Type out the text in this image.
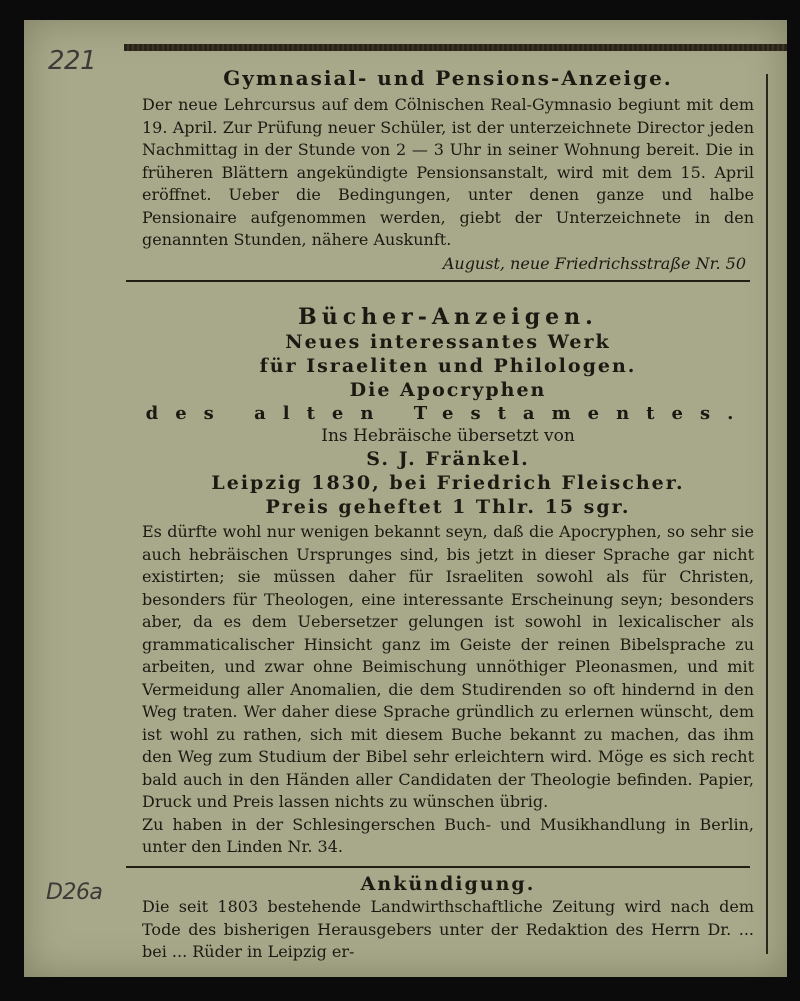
221
D26a
Gymnasial- und Pensions-Anzeige.

Der neue Lehrcursus auf dem Cölnischen Real-Gymnasio begiunt mit dem 19. April. Zur Prüfung neuer Schüler, ist der unterzeichnete Director jeden Nachmittag in der Stunde von 2 — 3 Uhr in seiner Wohnung bereit. Die in früheren Blättern angekündigte Pensionsanstalt, wird mit dem 15. April eröffnet. Ueber die Bedingungen, unter denen ganze und halbe Pensionaire aufgenommen werden, giebt der Unterzeichnete in den genannten Stunden, nähere Auskunft.

August, neue Friedrichsstraße Nr. 50

Bücher-Anzeigen.

Neues interessantes Werk

für Israeliten und Philologen.

Die Apocryphen

des alten Testamentes.

Ins Hebräische übersetzt von

S. J. Fränkel.

Leipzig 1830, bei Friedrich Fleischer.

Preis geheftet 1 Thlr. 15 sgr.

Es dürfte wohl nur wenigen bekannt seyn, daß die Apocryphen, so sehr sie auch hebräischen Ursprunges sind, bis jetzt in dieser Sprache gar nicht existirten; sie müssen daher für Israeliten sowohl als für Christen, besonders für Theologen, eine interessante Erscheinung seyn; besonders aber, da es dem Uebersetzer gelungen ist sowohl in lexicalischer als grammaticalischer Hinsicht ganz im Geiste der reinen Bibelsprache zu arbeiten, und zwar ohne Beimischung unnöthiger Pleonasmen, und mit Vermeidung aller Anomalien, die dem Studirenden so oft hindernd in den Weg traten. Wer daher diese Sprache gründlich zu erlernen wünscht, dem ist wohl zu rathen, sich mit diesem Buche bekannt zu machen, das ihm den Weg zum Studium der Bibel sehr erleichtern wird. Möge es sich recht bald auch in den Händen aller Candidaten der Theologie befinden. Papier, Druck und Preis lassen nichts zu wünschen übrig.

Zu haben in der Schlesingerschen Buch- und Musikhandlung in Berlin, unter den Linden Nr. 34.

Ankündigung.

Die seit 1803 bestehende Landwirthschaftliche Zeitung wird nach dem Tode des bisherigen Herausgebers unter der Redaktion des Herrn Dr. ... bei ... Rüder in Leipzig er-
